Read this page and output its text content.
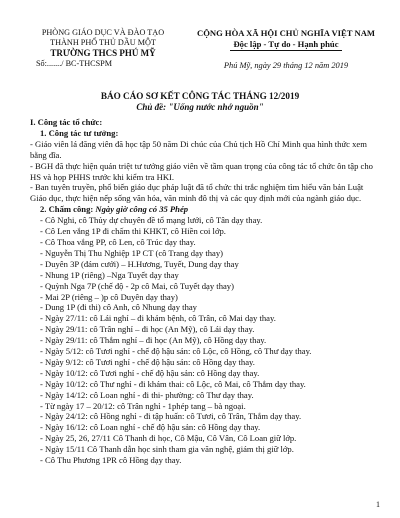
PHÒNG GIÁO DỤC VÀ ĐÀO TẠO
THÀNH PHỐ THỦ DẦU MỘT
TRƯỜNG THCS PHÚ MỸ
Số:......./ BC-THCSPM
CỘNG HÒA XÃ HỘI CHỦ NGHĨA VIỆT NAM
Độc lập - Tự do - Hạnh phúc
Phú Mỹ, ngày 29 tháng 12 năm 2019
BÁO CÁO SƠ KẾT CÔNG TÁC THÁNG 12/2019
Chủ đề: "Uống nước nhớ nguồn"
I. Công tác tổ chức:
1. Công tác tư tưởng:
- Giáo viên lá đăng viên đã học tập 50 năm Di chúc của Chủ tịch Hồ Chí Minh qua hình thức xem bằng đĩa.
- BGH đã thực hiện quán triệt tư tưởng giáo viên về tầm quan trọng của công tác tổ chức ôn tập cho HS và họp PHHS trước khi kiểm tra HKI.
- Ban tuyên truyền, phổ biến giáo dục pháp luật đã tổ chức thi trắc nghiệm tìm hiểu văn bản Luật Giáo dục, thực hiện nếp sống văn hóa, văn minh đô thị và các quy định mới của ngành giáo dục.
2. Chấm công: Ngày giờ công có 35 Phép
- Cô Nghi, cô Thủy dự chuyên đề tổ mạng lưới, cô Tân dạy thay.
- Cô Len vắng 1P đi chấm thi KHKT, cô Hiền coi lớp.
- Cô Thoa vắng PP, cô Len, cô Trúc dạy thay.
- Nguyễn Thị Thu Nghiệp 1P CT (cô Trang dạy thay)
- Duyên 3P (đám cưới) – H.Hương, Tuyết, Dung dạy thay
- Nhung 1P (riêng) –Nga Tuyết dạy thay
- Quỳnh Nga 7P (chế độ - 2p cô Mai, cô Tuyết dạy thay)
- Mai 2P (riêng – )p cô Duyên dạy thay)
- Dung 1P (đi thi) cô Anh, cô Nhung dạy thay
- Ngày 27/11: cô Lái nghỉ – đi khám bệnh, cô Trân, cô Mai dạy thay.
- Ngày 29/11: cô Trân nghỉ – đi học (An Mỹ), cô Lái dạy thay.
- Ngày 29/11: cô Thắm nghỉ – đi học (An Mỹ), cô Hồng dạy thay.
- Ngày 5/12: cô Tươi nghỉ - chế độ hậu sản: cô Lộc, cô Hồng, cô Thư dạy thay.
- Ngày 9/12: cô Tươi nghỉ - chế độ hậu sản: cô Hồng dạy thay.
- Ngày 10/12: cô Tươi nghỉ - chế độ hậu sản: cô Hồng dạy thay.
- Ngày 10/12: cô Thư nghỉ - đi khám thai: cô Lộc, cô Mai, cô Thắm dạy thay.
- Ngày 14/12: cô Loan nghỉ - đi thi- phường: cô Thư dạy thay.
- Từ ngày 17 – 20/12: cô Trân nghỉ - 1phép tang – bà ngoại.
- Ngày 24/12: cô Hồng nghỉ - đi tập huấn: cô Tươi, cô Trân, Thắm dạy thay.
- Ngày 16/12: cô Loan nghỉ - chế độ hậu sản: cô Hồng dạy thay.
- Ngày 25, 26, 27/11 Cô Thanh đi học, Cô Mậu, Cô Vân, Cô Loan giữ lớp.
- Ngày 15/11 Cô Thanh dẫn học sinh tham gia văn nghệ, giám thị giữ lớp.
- Cô Thu Phương 1PR cô Hồng dạy thay.
1
